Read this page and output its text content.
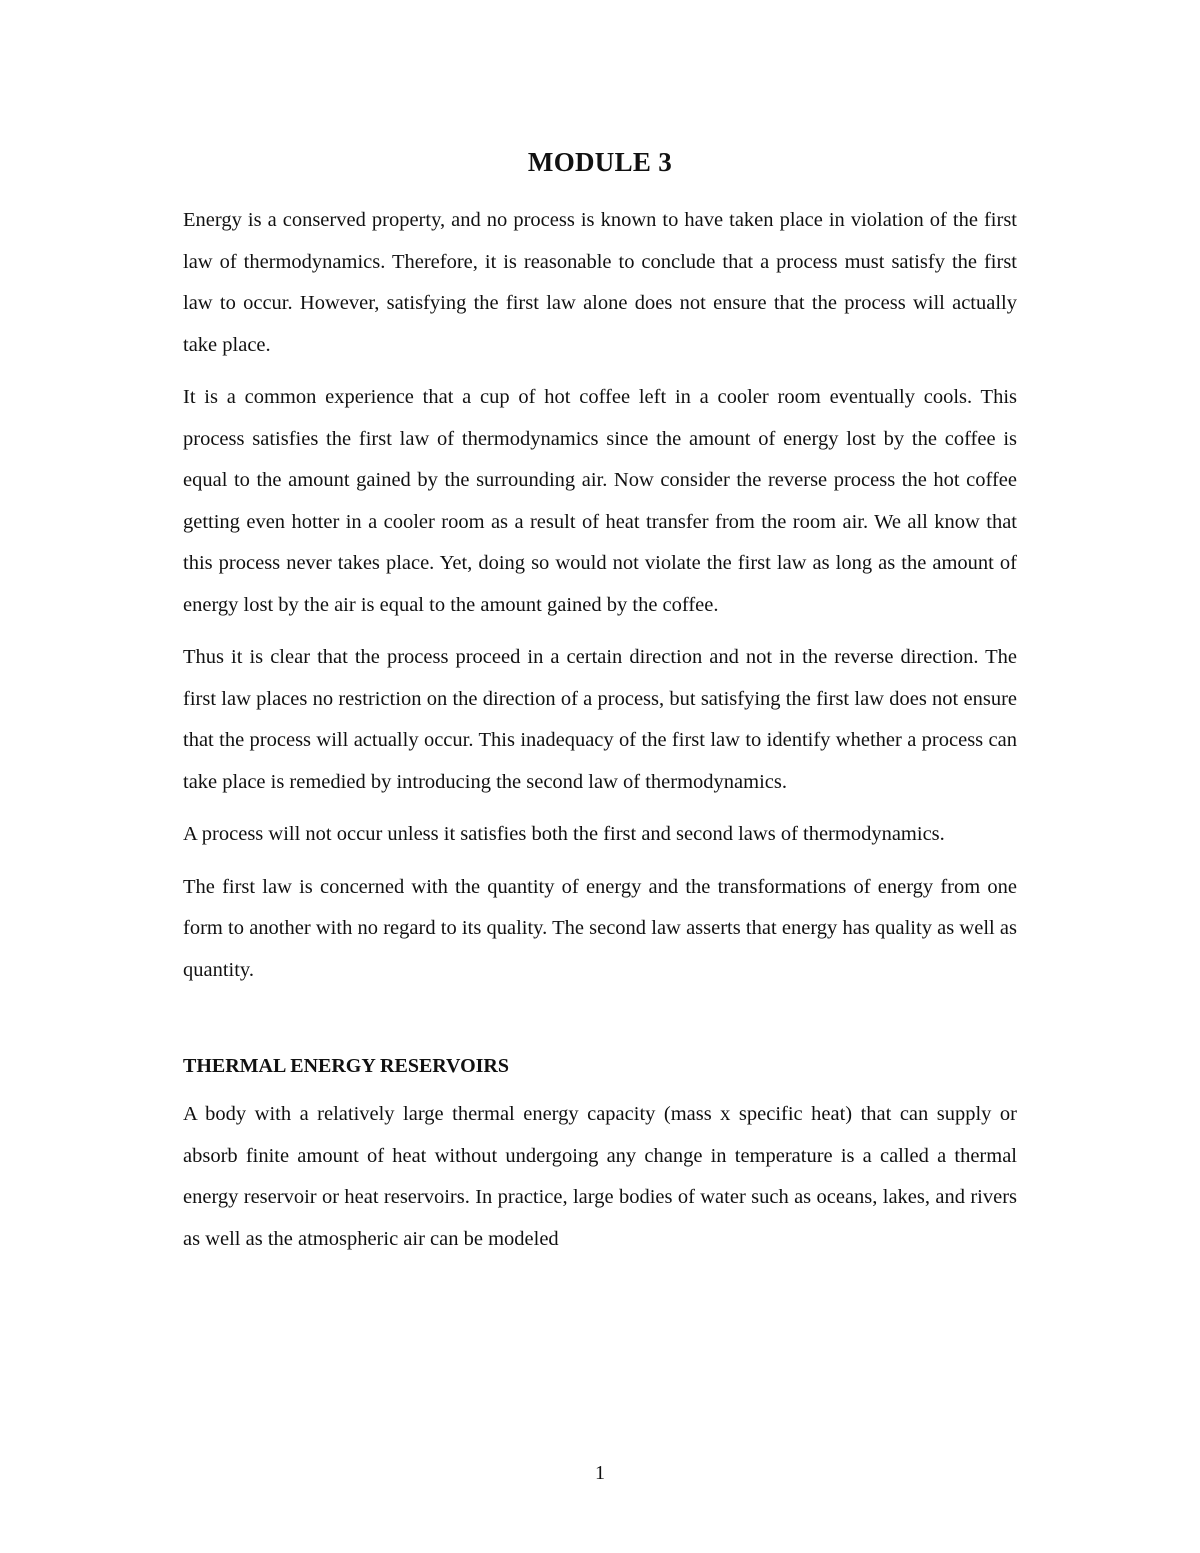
MODULE 3

Energy is a conserved property, and no process is known to have taken place in violation of the first law of thermodynamics. Therefore, it is reasonable to conclude that a process must satisfy the first law to occur. However, satisfying the first law alone does not ensure that the process will actually take place.

It is a common experience that a cup of hot coffee left in a cooler room eventually cools. This process satisfies the first law of thermodynamics since the amount of energy lost by the coffee is equal to the amount gained by the surrounding air. Now consider the reverse process the hot coffee getting even hotter in a cooler room as a result of heat transfer from the room air. We all know that this process never takes place. Yet, doing so would not violate the first law as long as the amount of energy lost by the air is equal to the amount gained by the coffee.

Thus it is clear that the process proceed in a certain direction and not in the reverse direction. The first law places no restriction on the direction of a process, but satisfying the first law does not ensure that the process will actually occur. This inadequacy of the first law to identify whether a process can take place is remedied by introducing the second law of thermodynamics.

A process will not occur unless it satisfies both the first and second laws of thermodynamics.

The first law is concerned with the quantity of energy and the transformations of energy from one form to another with no regard to its quality. The second law asserts that energy has quality as well as quantity.

THERMAL ENERGY RESERVOIRS

A body with a relatively large thermal energy capacity (mass x specific heat) that can supply or absorb finite amount of heat without undergoing any change in temperature is a called a thermal energy reservoir or heat reservoirs. In practice, large bodies of water such as oceans, lakes, and rivers as well as the atmospheric air can be modeled

1
